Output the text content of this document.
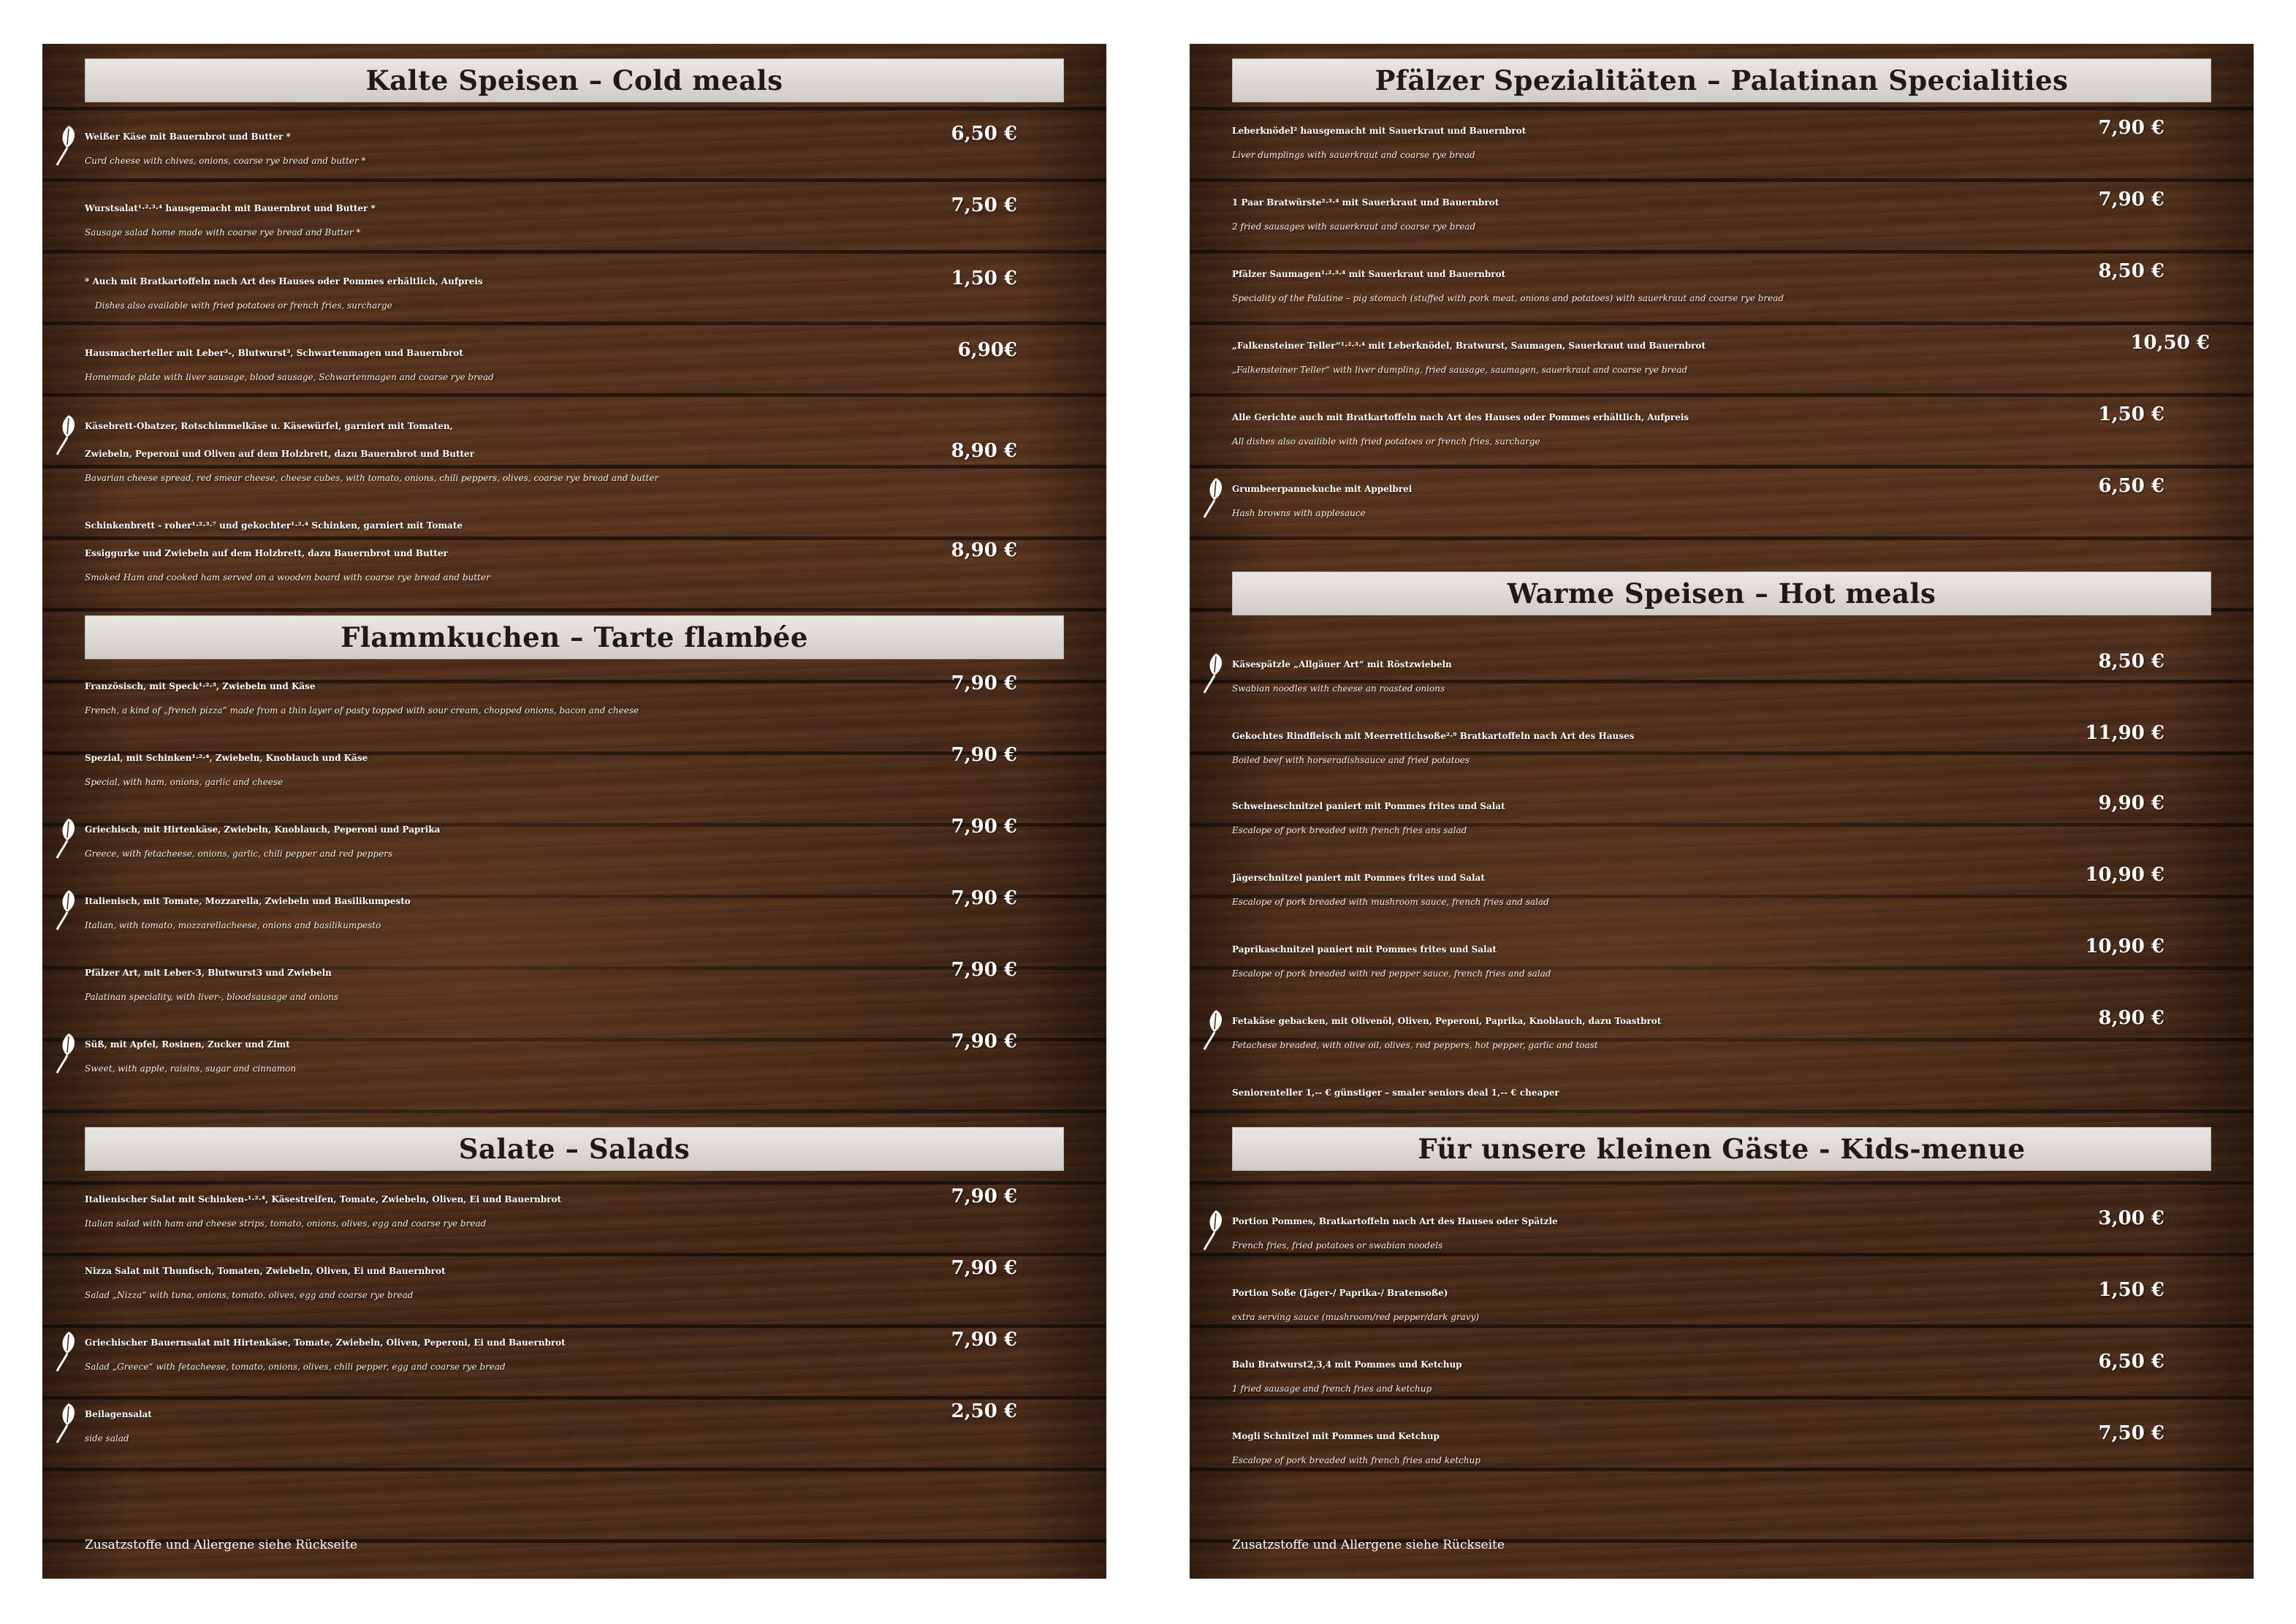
Kalte Speisen – Cold meals
Weißer Käse mit Bauernbrot und Butter *
Curd cheese with chives, onions, coarse rye bread and butter *
6,50 €
Wurstsalat¹·²·³·⁴ hausgemacht mit Bauernbrot und Butter *
Sausage salad home made with coarse rye bread and Butter *
7,50 €
* Auch mit Bratkartoffeln nach Art des Hauses oder Pommes erhältlich, Aufpreis
Dishes also available with fried potatoes or french fries, surcharge
1,50 €
Hausmacherteller mit Leber³-, Blutwurst³, Schwartenmagen und Bauernbrot
Homemade plate with liver sausage, blood sausage, Schwartenmagen and coarse rye bread
6,90€
Käsebrett-Obatzer, Rotschimmelkäse u. Käsewürfel, garniert mit Tomaten,
Zwiebeln, Peperoni und Oliven auf dem Holzbrett, dazu Bauernbrot und Butter
Bavarian cheese spread, red smear cheese, cheese cubes, with tomato, onions, chili peppers, olives, coarse rye bread and butter
8,90 €
Schinkenbrett - roher¹·²·³·⁷ und gekochter¹·²·⁴ Schinken, garniert mit Tomate
Essiggurke und Zwiebeln auf dem Holzbrett, dazu Bauernbrot und Butter
Smoked Ham and cooked ham served on a wooden board with coarse rye bread and butter
8,90 €
Flammkuchen – Tarte flambée
Französisch, mit Speck¹·²·³, Zwiebeln und Käse
French, a kind of „french pizza“ made from a thin layer of pasty topped with sour cream, chopped onions, bacon and cheese
7,90 €
Spezial, mit Schinken¹·²·⁴, Zwiebeln, Knoblauch und Käse
Special, with ham, onions, garlic and cheese
7,90 €
Griechisch, mit Hirtenkäse, Zwiebeln, Knoblauch, Peperoni und Paprika
Greece, with fetacheese, onions, garlic, chili pepper and red peppers
7,90 €
Italienisch, mit Tomate, Mozzarella, Zwiebeln und Basilikumpesto
Italian, with tomato, mozzarellacheese, onions and basilikumpesto
7,90 €
Pfälzer Art, mit Leber-3, Blutwurst3 und Zwiebeln
Palatinan speciality, with liver-, bloodsausage and onions
7,90 €
Süß, mit Apfel, Rosinen, Zucker und Zimt
Sweet, with apple, raisins, sugar and cinnamon
7,90 €
Salate – Salads
Italienischer Salat mit Schinken-¹·²·⁴, Käsestreifen, Tomate, Zwiebeln, Oliven, Ei und Bauernbrot
Italian salad with ham and cheese strips, tomato, onions, olives, egg and coarse rye bread
7,90 €
Nizza Salat mit Thunfisch, Tomaten, Zwiebeln, Oliven, Ei und Bauernbrot
Salad „Nizza“ with tuna, onions, tomato, olives, egg and coarse rye bread
7,90 €
Griechischer Bauernsalat mit Hirtenkäse, Tomate, Zwiebeln, Oliven, Peperoni, Ei und Bauernbrot
Salad „Greece“ with fetacheese, tomato, onions, olives, chili pepper, egg and coarse rye bread
7,90 €
Beilagensalat
side salad
2,50 €
Zusatzstoffe und Allergene siehe Rückseite
Pfälzer Spezialitäten – Palatinan Specialities
Leberknödel² hausgemacht mit Sauerkraut und Bauernbrot
Liver dumplings with sauerkraut and coarse rye bread
7,90 €
1 Paar Bratwürste²·³·⁴ mit Sauerkraut und Bauernbrot
2 fried sausages with sauerkraut and coarse rye bread
7,90 €
Pfälzer Saumagen¹·²·³·⁴ mit Sauerkraut und Bauernbrot
Speciality of the Palatine – pig stomach (stuffed with pork meat, onions and potatoes) with sauerkraut and coarse rye bread
8,50 €
„Falkensteiner Teller“¹·²·³·⁴ mit Leberknödel, Bratwurst, Saumagen, Sauerkraut und Bauernbrot
„Falkensteiner Teller“ with liver dumpling, fried sausage, saumagen, sauerkraut and coarse rye bread
10,50 €
Alle Gerichte auch mit Bratkartoffeln nach Art des Hauses oder Pommes erhältlich, Aufpreis
All dishes also availible with fried potatoes or french fries, surcharge
1,50 €
Grumbeerpannekuche mit Appelbrei
Hash browns with applesauce
6,50 €
Warme Speisen – Hot meals
Käsespätzle „Allgäuer Art“ mit Röstzwiebeln
Swabian noodles with cheese an roasted onions
8,50 €
Gekochtes Rindfleisch mit Meerrettichsoße²·⁹ Bratkartoffeln nach Art des Hauses
Boiled beef with horseradishsauce and fried potatoes
11,90 €
Schweineschnitzel paniert mit Pommes frites und Salat
Escalope of pork breaded with french fries ans salad
9,90 €
Jägerschnitzel paniert mit Pommes frites und Salat
Escalope of pork breaded with mushroom sauce, french fries and salad
10,90 €
Paprikaschnitzel paniert mit Pommes frites und Salat
Escalope of pork breaded with red pepper sauce, french fries and salad
10,90 €
Fetakäse gebacken, mit Olivenöl, Oliven, Peperoni, Paprika, Knoblauch, dazu Toastbrot
Fetachese breaded, with olive oil, olives, red peppers, hot pepper, garlic and toast
8,90 €
Seniorenteller 1,-- € günstiger – smaler seniors deal 1,-- € cheaper
Für unsere kleinen Gäste - Kids-menue
Portion Pommes, Bratkartoffeln nach Art des Hauses oder Spätzle
French fries, fried potatoes or swabian noodels
3,00 €
Portion Soße (Jäger-/ Paprika-/ Bratensoße)
extra serving sauce (mushroom/red pepper/dark gravy)
1,50 €
Balu Bratwurst2,3,4 mit Pommes und Ketchup
1 fried sausage and french fries and ketchup
6,50 €
Mogli Schnitzel mit Pommes und Ketchup
Escalope of pork breaded with french fries and ketchup
7,50 €
Zusatzstoffe und Allergene siehe Rückseite
